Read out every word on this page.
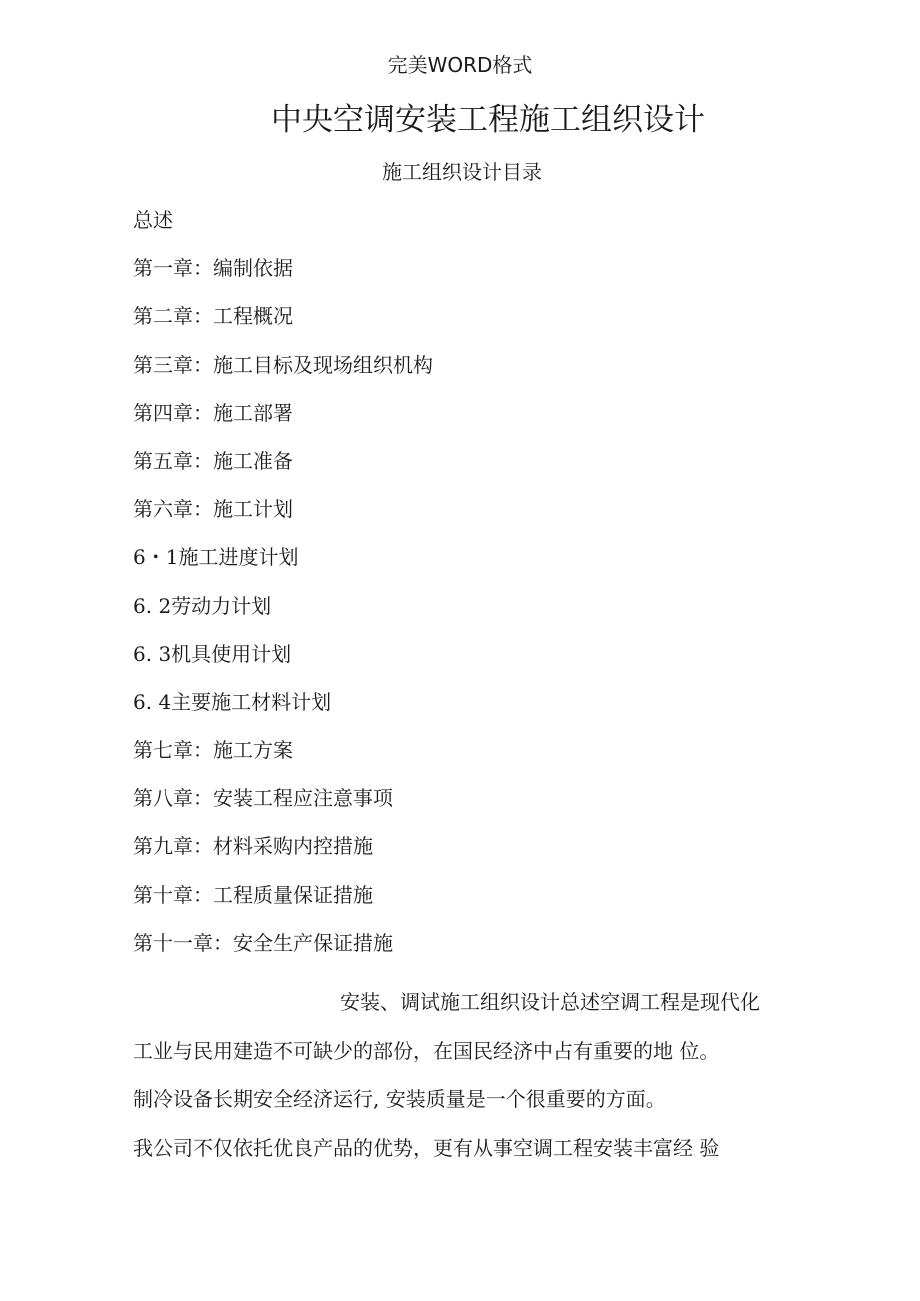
完美WORD格式
中央空调安装工程施工组织设计
施工组织设计目录
总述
第一章：编制依据
第二章：工程概况
第三章：施工目标及现场组织机构
第四章：施工部署
第五章：施工准备
第六章：施工计划
6・1施工进度计划
6. 2劳动力计划
6. 3机具使用计划
6. 4主要施工材料计划
第七章：施工方案
第八章：安装工程应注意事项
第九章：材料采购内控措施
第十章：工程质量保证措施
第十一章：安全生产保证措施

安装、调试施工组织设计总述空调工程是现代化

工业与民用建造不可缺少的部份，在国民经济中占有重要的地 位。

制冷设备长期安全经济运行, 安装质量是一个很重要的方面。

我公司不仅依托优良产品的优势，更有从事空调工程安装丰富经 验
